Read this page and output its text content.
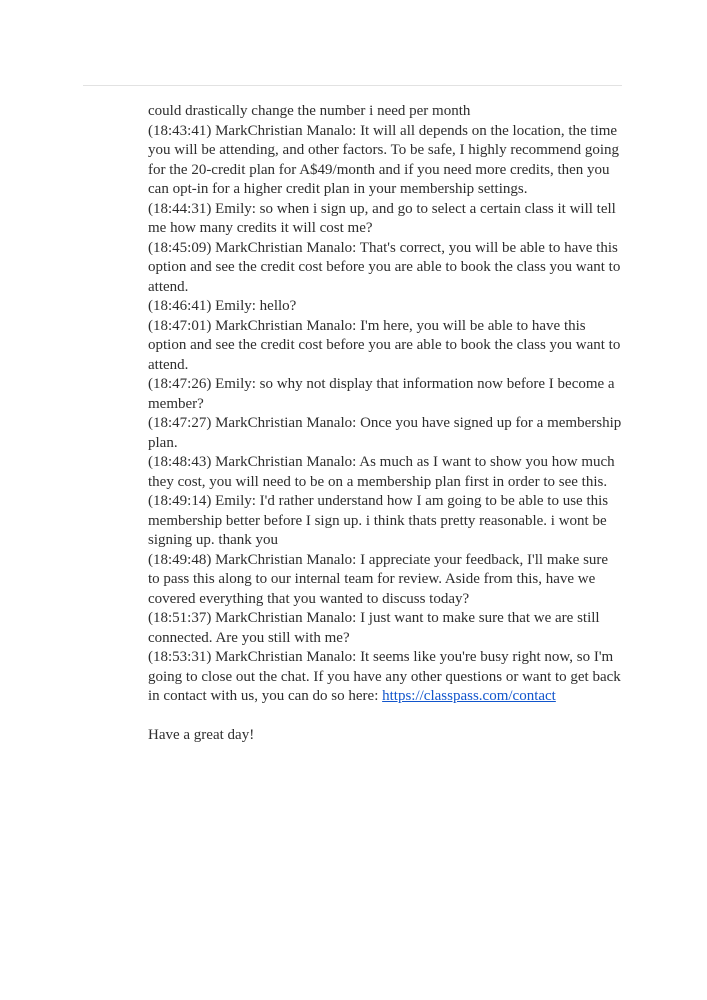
could drastically change the number i need per month

(18:43:41) MarkChristian Manalo: It will all depends on the location, the time you will be attending, and other factors. To be safe, I highly recommend going for the 20-credit plan for A$49/month and if you need more credits, then you can opt-in for a higher credit plan in your membership settings.

(18:44:31) Emily: so when i sign up, and go to select a certain class it will tell me how many credits it will cost me?

(18:45:09) MarkChristian Manalo: That's correct, you will be able to have this option and see the credit cost before you are able to book the class you want to attend.

(18:46:41) Emily: hello?

(18:47:01) MarkChristian Manalo: I'm here, you will be able to have this option and see the credit cost before you are able to book the class you want to attend.

(18:47:26) Emily: so why not display that information now before I become a member?

(18:47:27) MarkChristian Manalo: Once you have signed up for a membership plan.

(18:48:43) MarkChristian Manalo: As much as I want to show you how much they cost, you will need to be on a membership plan first in order to see this.

(18:49:14) Emily: I'd rather understand how I am going to be able to use this membership better before I sign up. i think thats pretty reasonable. i wont be signing up. thank you

(18:49:48) MarkChristian Manalo: I appreciate your feedback, I'll make sure to pass this along to our internal team for review. Aside from this, have we covered everything that you wanted to discuss today?

(18:51:37) MarkChristian Manalo: I just want to make sure that we are still connected. Are you still with me?

(18:53:31) MarkChristian Manalo: It seems like you're busy right now, so I'm going to close out the chat. If you have any other questions or want to get back in contact with us, you can do so here: https://classpass.com/contact

Have a great day!
